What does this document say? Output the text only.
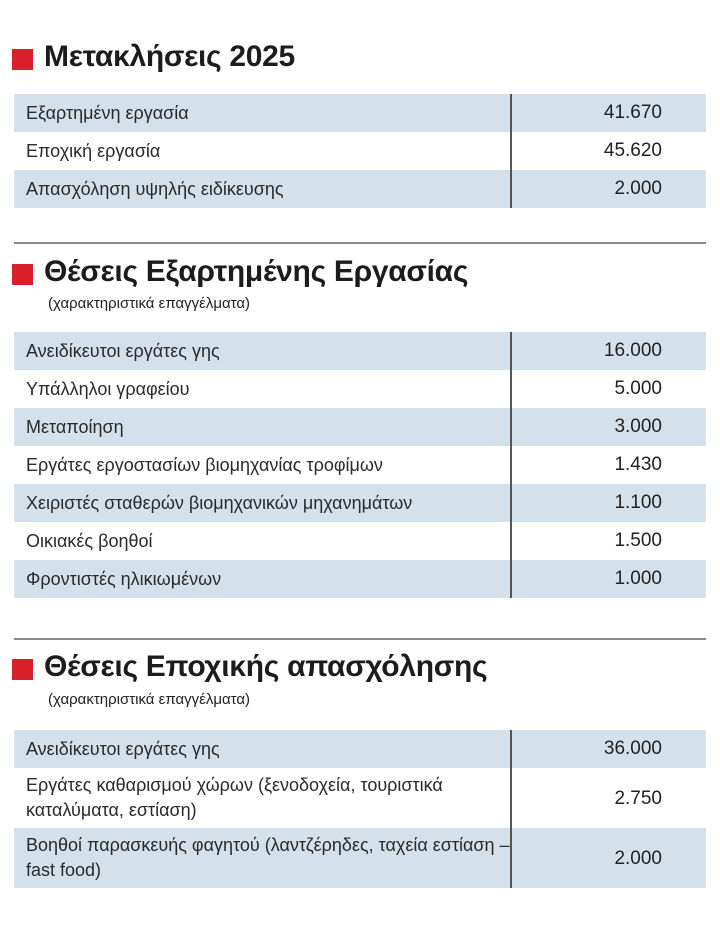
Μετακλήσεις 2025
Εξαρτημένη εργασία	41.670
Εποχική εργασία	45.620
Απασχόληση υψηλής ειδίκευσης	2.000
Θέσεις Εξαρτημένης Εργασίας
(χαρακτηριστικά επαγγέλματα)
Ανειδίκευτοι εργάτες γης	16.000
Υπάλληλοι γραφείου	5.000
Μεταποίηση	3.000
Εργάτες εργοστασίων βιομηχανίας τροφίμων	1.430
Χειριστές σταθερών βιομηχανικών μηχανημάτων	1.100
Οικιακές βοηθοί	1.500
Φροντιστές ηλικιωμένων	1.000
Θέσεις Εποχικής απασχόλησης
(χαρακτηριστικά επαγγέλματα)
Ανειδίκευτοι εργάτες γης	36.000
Εργάτες καθαρισμού χώρων (ξενοδοχεία, τουριστικά καταλύματα, εστίαση)	2.750
Βοηθοί παρασκευής φαγητού (λαντζέρηδες, ταχεία εστίαση – fast food)	2.000
